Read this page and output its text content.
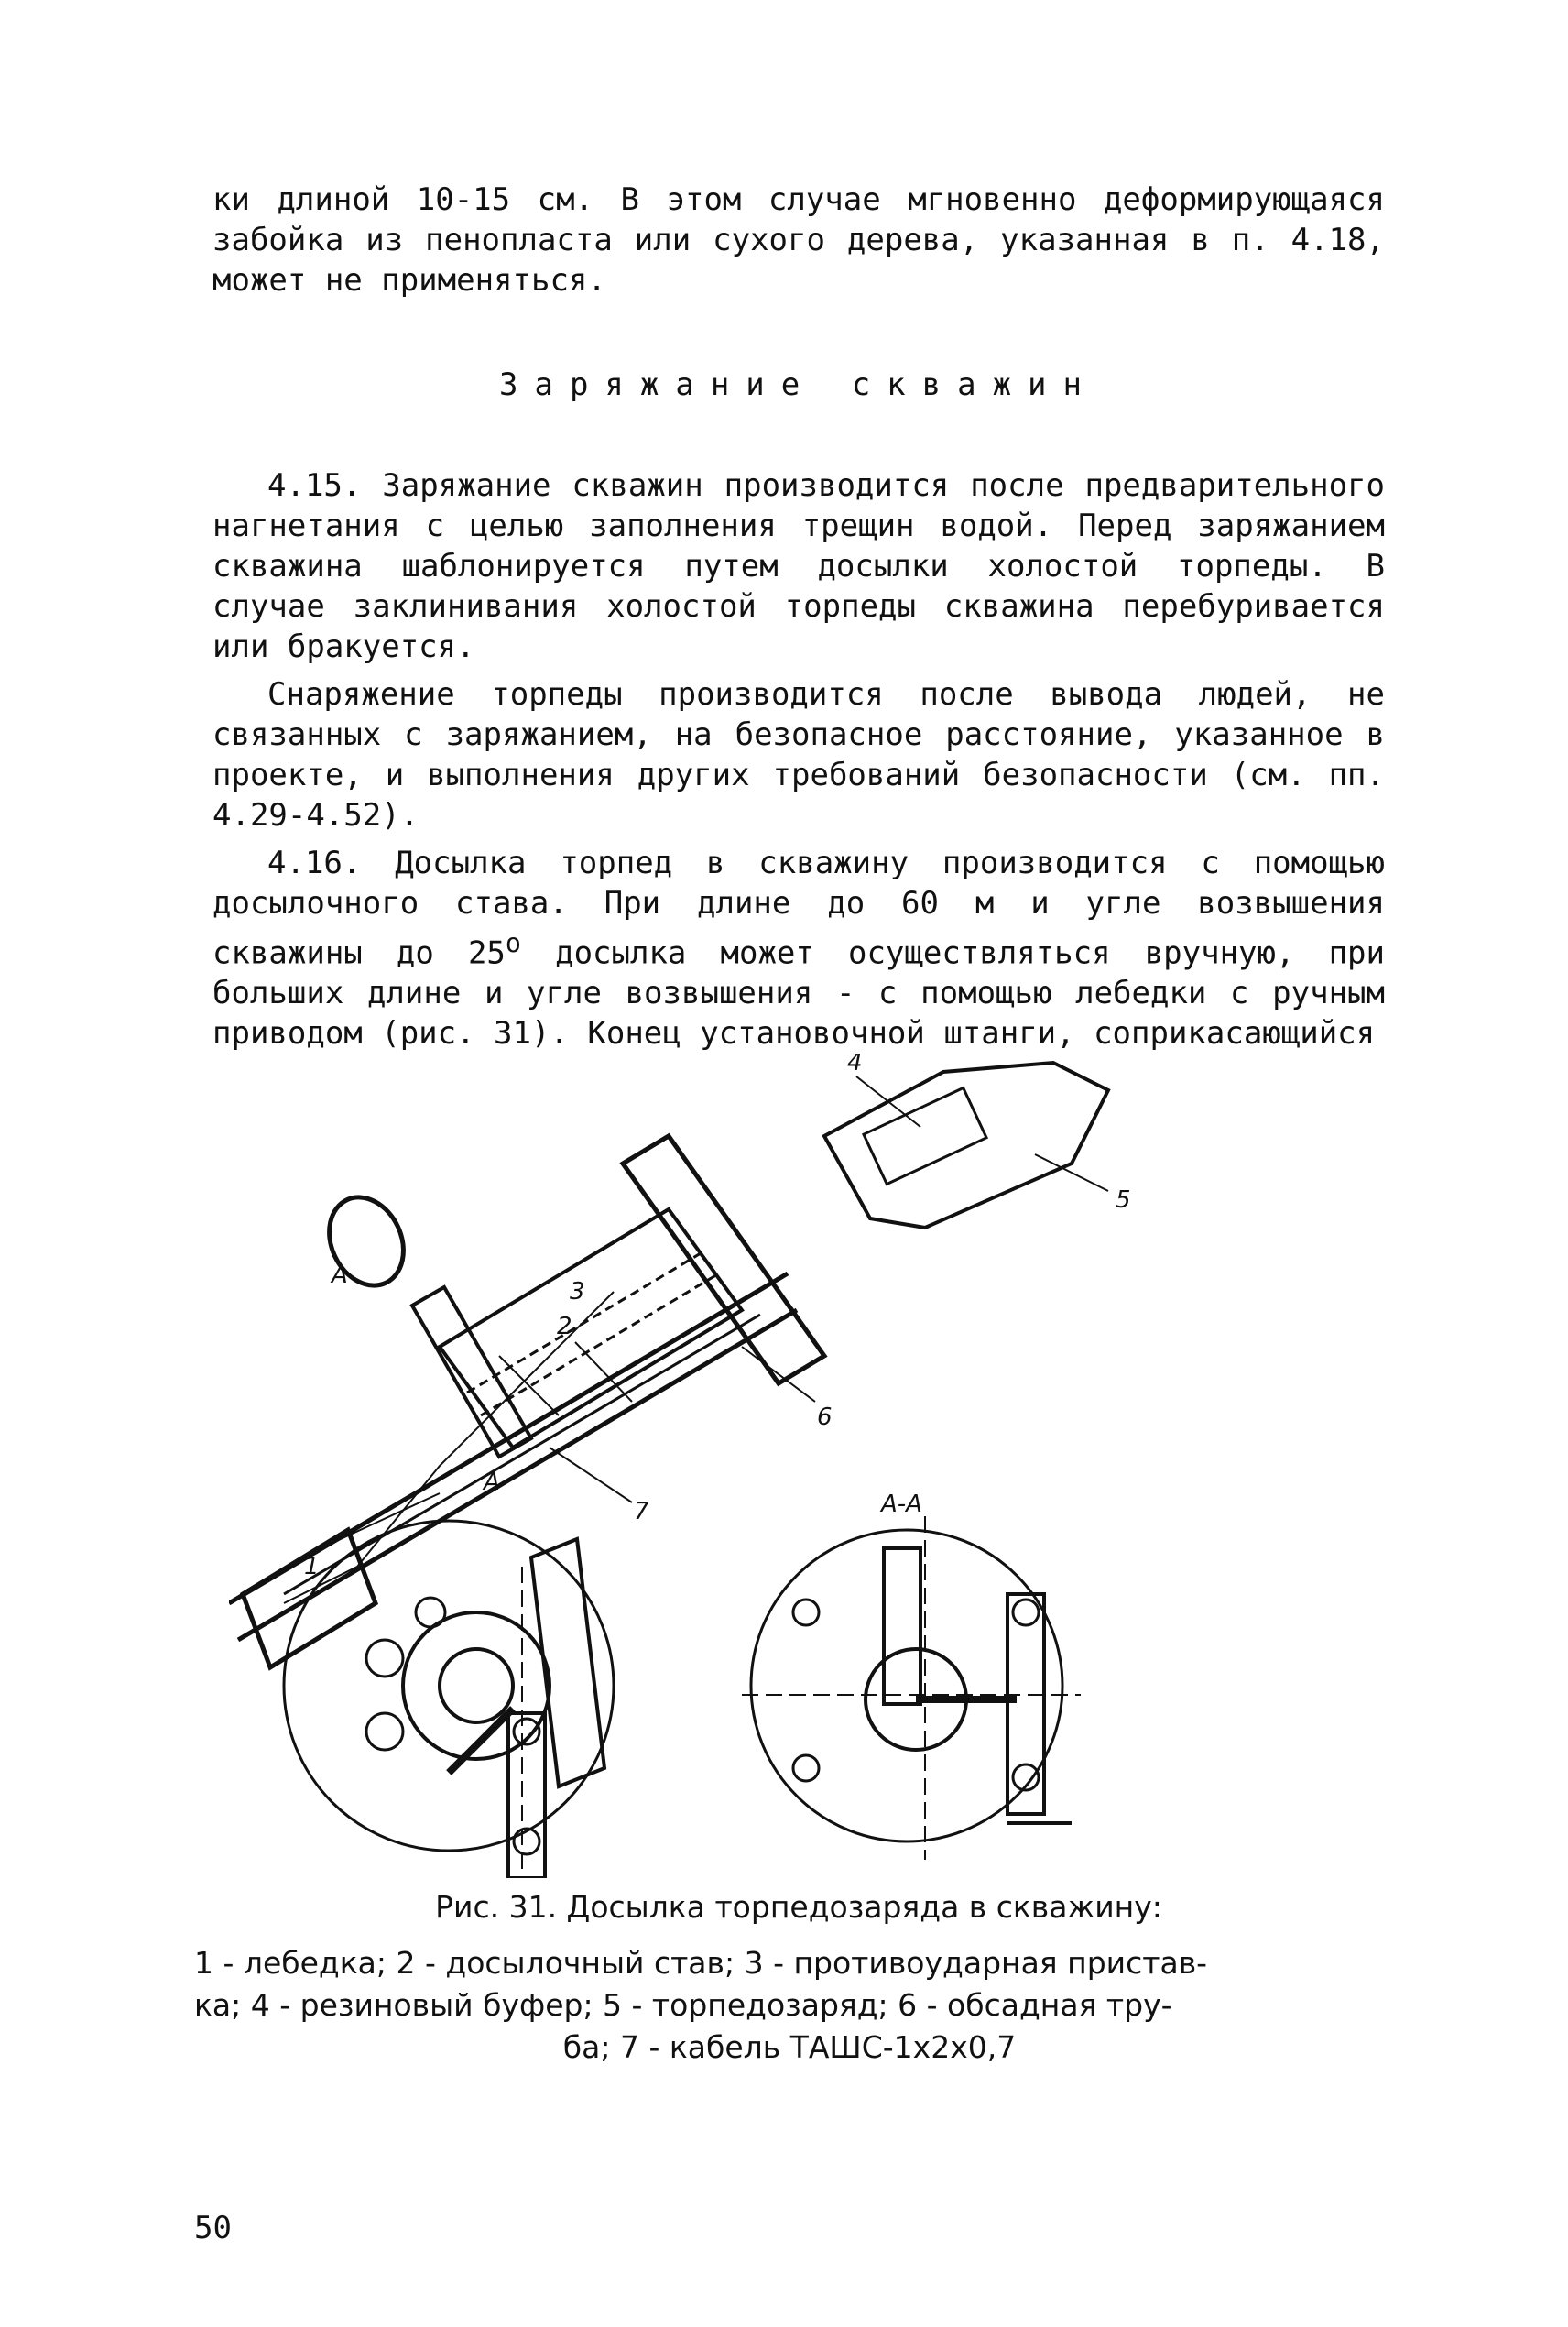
ки длиной 10-15 см. В этом случае мгновенно деформирующаяся забойка из пенопласта или сухого дерева, указанная в п. 4.18, может не применяться.

Заряжание скважин

4.15. Заряжание скважин производится после предварительного нагнетания с целью заполнения трещин водой. Перед заряжанием скважина шаблонируется путем досылки холостой торпеды. В случае заклинивания холостой торпеды скважина перебуривается или бракуется.

Снаряжение торпеды производится после вывода людей, не связанных с заряжанием, на безопасное расстояние, указанное в проекте, и выполнения других требований безопасности (см. пп. 4.29-4.52).

4.16. Досылка торпед в скважину производится с помощью досылочного става. При длине до 60 м и угле возвышения скважины до $25^о$ досылка может осуществляться вручную, при больших длине и угле возвышения - с помощью лебедки с ручным приводом (рис. 31). Конец установочной штанги, соприкасающийся

1
2
3
4
5
6
7
А
А
А-А
Рис. 31. Досылка торпедозаряда в скважину:
1 - лебедка; 2 - досылочный став; 3 - противоударная пристав-
ка; 4 - резиновый буфер; 5 - торпедозаряд; 6 - обсадная тру-
ба; 7 - кабель ТАШС-1х2х0,7
50
